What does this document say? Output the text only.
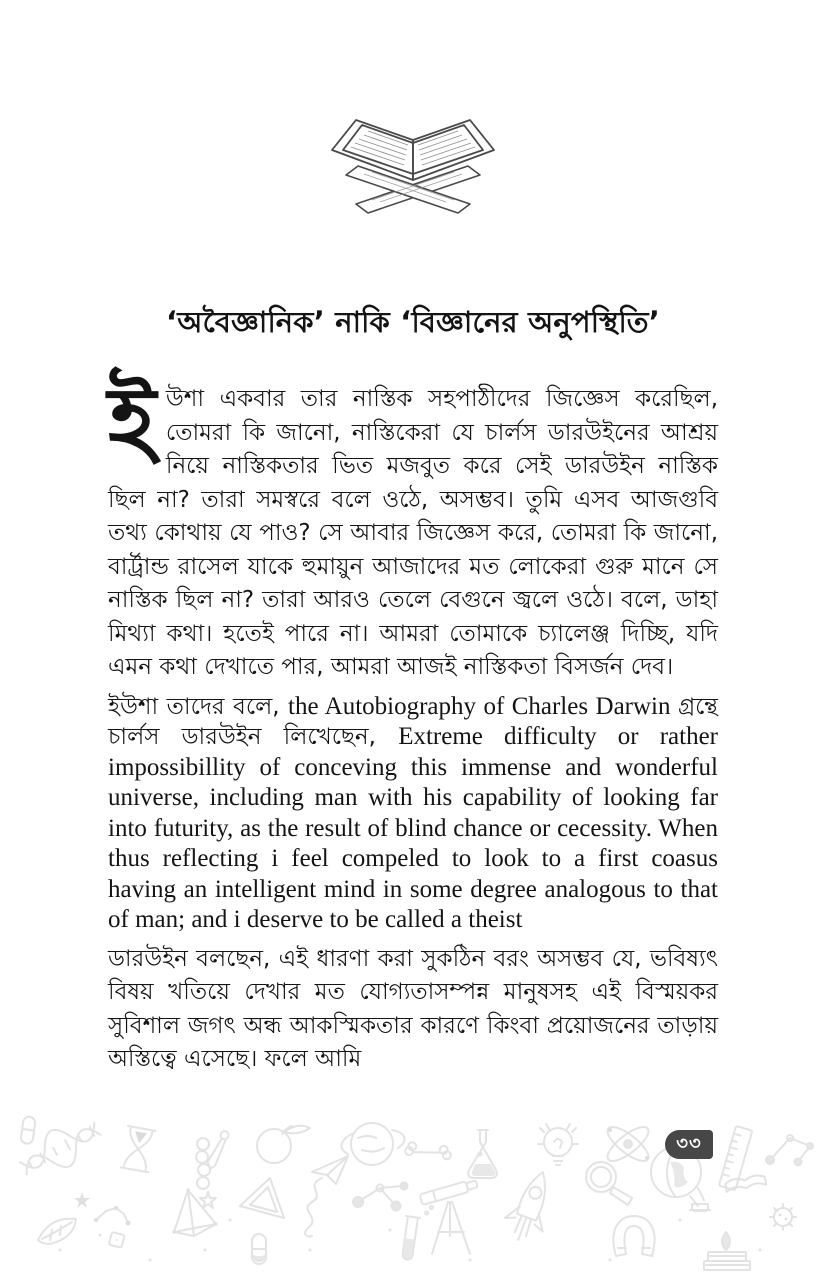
‘অবৈজ্ঞানিক’ নাকি ‘বিজ্ঞানের অনুপস্থিতি’

ইউশা একবার তার নাস্তিক সহপাঠীদের জিজ্ঞেস করেছিল, তোমরা কি জানো, নাস্তিকেরা যে চার্লস ডারউইনের আশ্রয় নিয়ে নাস্তিকতার ভিত মজবুত করে সেই ডারউইন নাস্তিক ছিল না? তারা সমস্বরে বলে ওঠে, অসম্ভব। তুমি এসব আজগুবি তথ্য কোথায় যে পাও? সে আবার জিজ্ঞেস করে, তোমরা কি জানো, বার্ট্রান্ড রাসেল যাকে হুমায়ুন আজাদের মত লোকেরা গুরু মানে সে নাস্তিক ছিল না? তারা আরও তেলে বেগুনে জ্বলে ওঠে। বলে, ডাহা মিথ্যা কথা। হতেই পারে না। আমরা তোমাকে চ্যালেঞ্জ দিচ্ছি, যদি এমন কথা দেখাতে পার, আমরা আজই নাস্তিকতা বিসর্জন দেব।

ইউশা তাদের বলে, the Autobiography of Charles Darwin গ্রন্থে চার্লস ডারউইন লিখেছেন, Extreme difficulty or rather impossibillity of conceving this immense and wonderful universe, including man with his capability of looking far into futurity, as the result of blind chance or cecessity. When thus reflecting i feel compeled to look to a first coasus having an intelligent mind in some degree analogous to that of man; and i deserve to be called a theist

ডারউইন বলছেন, এই ধারণা করা সুকঠিন বরং অসম্ভব যে, ভবিষ্যৎ বিষয় খতিয়ে দেখার মত যোগ্যতাসম্পন্ন মানুষসহ এই বিস্ময়কর সুবিশাল জগৎ অন্ধ আকস্মিকতার কারণে কিংবা প্রয়োজনের তাড়ায় অস্তিত্বে এসেছে। ফলে আমি

৩৩
